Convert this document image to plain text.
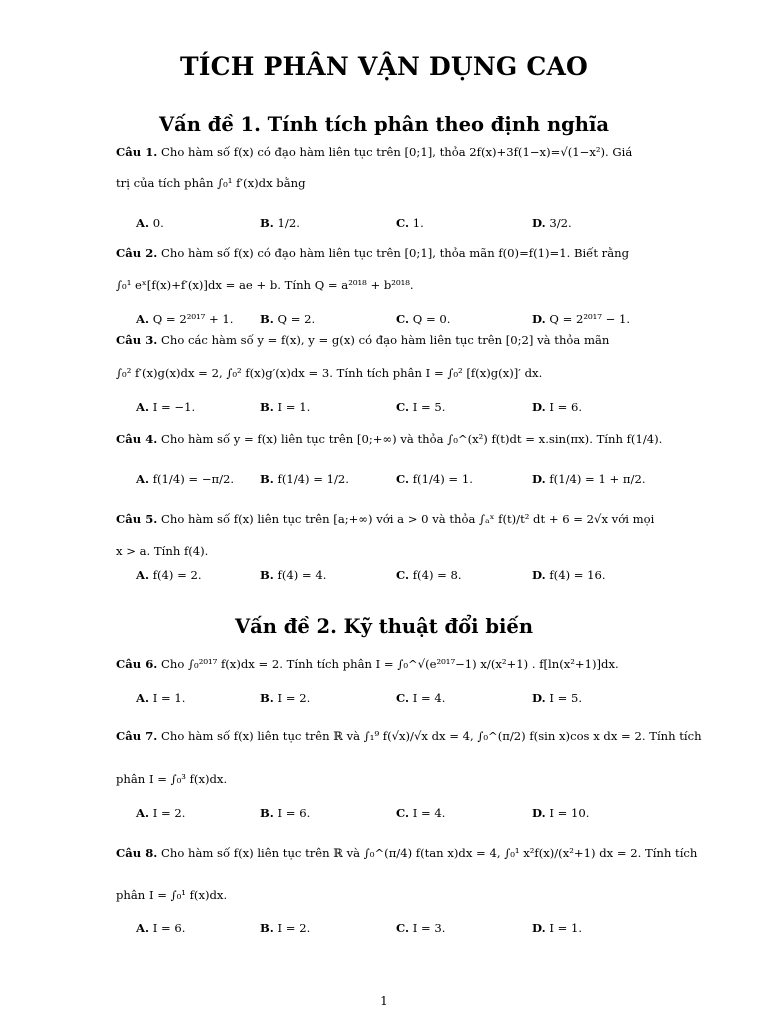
TÍCH PHÂN VẬN DỤNG CAO
Vấn đề 1. Tính tích phân theo định nghĩa
Câu 1. Cho hàm số f(x) có đạo hàm liên tục trên [0;1], thỏa 2f(x)+3f(1−x)=√(1−x²). Giá
trị của tích phân ∫₀¹ f′(x)dx bằng
A. 0.	B. 1/2.	C. 1.	D. 3/2.
Câu 2. Cho hàm số f(x) có đạo hàm liên tục trên [0;1], thỏa mãn f(0)=f(1)=1. Biết rằng
∫₀¹ eˣ[f(x)+f′(x)]dx = ae + b. Tính Q = a²⁰¹⁸ + b²⁰¹⁸.
A. Q = 2²⁰¹⁷ + 1. B. Q = 2.	C. Q = 0.	D. Q = 2²⁰¹⁷ − 1.
Câu 3. Cho các hàm số y = f(x), y = g(x) có đạo hàm liên tục trên [0;2] và thỏa mãn
∫₀² f′(x)g(x)dx = 2, ∫₀² f(x)g′(x)dx = 3. Tính tích phân I = ∫₀² [f(x)g(x)]′ dx.
A. I = −1.	B. I = 1.	C. I = 5.	D. I = 6.
Câu 4. Cho hàm số y = f(x) liên tục trên [0;+∞) và thỏa ∫₀^(x²) f(t)dt = x.sin(πx). Tính f(1/4).
A. f(1/4) = −π/2. B. f(1/4) = 1/2.	C. f(1/4) = 1.	D. f(1/4) = 1 + π/2.
Câu 5. Cho hàm số f(x) liên tục trên [a;+∞) với a > 0 và thỏa ∫ₐˣ f(t)/t² dt + 6 = 2√x với mọi
x > a. Tính f(4).
A. f(4) = 2.	B. f(4) = 4.	C. f(4) = 8.	D. f(4) = 16.
Vấn đề 2. Kỹ thuật đổi biến
Câu 6. Cho ∫₀²⁰¹⁷ f(x)dx = 2. Tính tích phân I = ∫₀^√(e²⁰¹⁷−1) x/(x²+1) . f[ln(x²+1)]dx.
A. I = 1.	B. I = 2.	C. I = 4.	D. I = 5.
Câu 7. Cho hàm số f(x) liên tục trên ℝ và ∫₁⁹ f(√x)/√x dx = 4, ∫₀^(π/2) f(sin x)cos x dx = 2. Tính tích
phân I = ∫₀³ f(x)dx.
A. I = 2.	B. I = 6.	C. I = 4.	D. I = 10.
Câu 8. Cho hàm số f(x) liên tục trên ℝ và ∫₀^(π/4) f(tan x)dx = 4, ∫₀¹ x²f(x)/(x²+1) dx = 2. Tính tích
phân I = ∫₀¹ f(x)dx.
A. I = 6.	B. I = 2.	C. I = 3.	D. I = 1.
1
